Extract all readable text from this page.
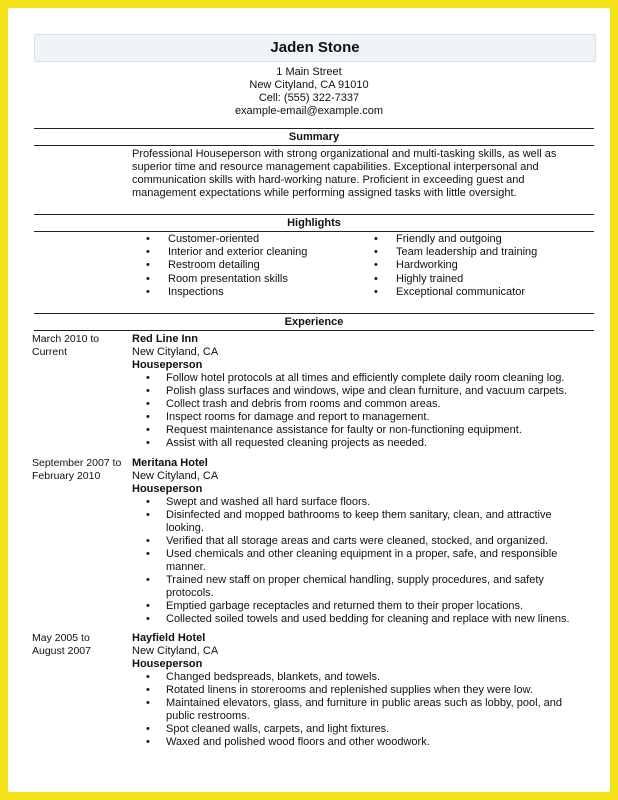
Jaden Stone
1 Main Street
New Cityland, CA 91010
Cell: (555) 322-7337
example-email@example.com
Summary
Professional Houseperson with strong organizational and multi-tasking skills, as well as
superior time and resource management capabilities. Exceptional interpersonal and
communication skills with hard-working nature. Proficient in exceeding guest and
management expectations while performing assigned tasks with little oversight.
Highlights
• Customer-oriented
• Interior and exterior cleaning
• Restroom detailing
• Room presentation skills
• Inspections
• Friendly and outgoing
• Team leadership and training
• Hardworking
• Highly trained
• Exceptional communicator
Experience
March 2010 to
Current
Red Line Inn
New Cityland, CA
Houseperson
• Follow hotel protocols at all times and efficiently complete daily room cleaning log.
• Polish glass surfaces and windows, wipe and clean furniture, and vacuum carpets.
• Collect trash and debris from rooms and common areas.
• Inspect rooms for damage and report to management.
• Request maintenance assistance for faulty or non-functioning equipment.
• Assist with all requested cleaning projects as needed.
September 2007 to
February 2010
Meritana Hotel
New Cityland, CA
Houseperson
• Swept and washed all hard surface floors.
• Disinfected and mopped bathrooms to keep them sanitary, clean, and attractive looking.
• Verified that all storage areas and carts were cleaned, stocked, and organized.
• Used chemicals and other cleaning equipment in a proper, safe, and responsible manner.
• Trained new staff on proper chemical handling, supply procedures, and safety protocols.
• Emptied garbage receptacles and returned them to their proper locations.
• Collected soiled towels and used bedding for cleaning and replace with new linens.
May 2005 to
August 2007
Hayfield Hotel
New Cityland, CA
Houseperson
• Changed bedspreads, blankets, and towels.
• Rotated linens in storerooms and replenished supplies when they were low.
• Maintained elevators, glass, and furniture in public areas such as lobby, pool, and public restrooms.
• Spot cleaned walls, carpets, and light fixtures.
• Waxed and polished wood floors and other woodwork.
